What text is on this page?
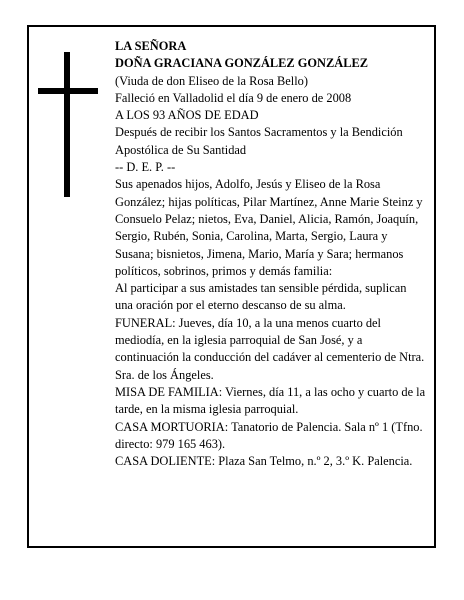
LA SEÑORA

DOÑA GRACIANA GONZÁLEZ GONZÁLEZ

(Viuda de don Eliseo de la Rosa Bello)

Falleció en Valladolid el día 9 de enero de 2008

A LOS 93 AÑOS DE EDAD

Después de recibir los Santos Sacramentos y la Bendición Apostólica de Su Santidad

-- D. E. P. --

Sus apenados hijos, Adolfo, Jesús y Eliseo de la Rosa González; hijas políticas, Pilar Martínez, Anne Marie Steinz y Consuelo Pelaz; nietos, Eva, Daniel, Alicia, Ramón, Joaquín, Sergio, Rubén, Sonia, Carolina, Marta, Sergio, Laura y Susana; bisnietos, Jimena, Mario, María y Sara; hermanos políticos, sobrinos, primos y demás familia:

Al participar a sus amistades tan sensible pérdida, suplican una oración por el eterno descanso de su alma.

FUNERAL: Jueves, día 10, a la una menos cuarto del mediodía, en la iglesia parroquial de San José, y a continuación la conducción del cadáver al cementerio de Ntra. Sra. de los Ángeles.

MISA DE FAMILIA: Viernes, día 11, a las ocho y cuarto de la tarde, en la misma iglesia parroquial.

CASA MORTUORIA: Tanatorio de Palencia. Sala nº 1 (Tfno. directo: 979 165 463).

CASA DOLIENTE: Plaza San Telmo, n.º 2, 3.º K. Palencia.
